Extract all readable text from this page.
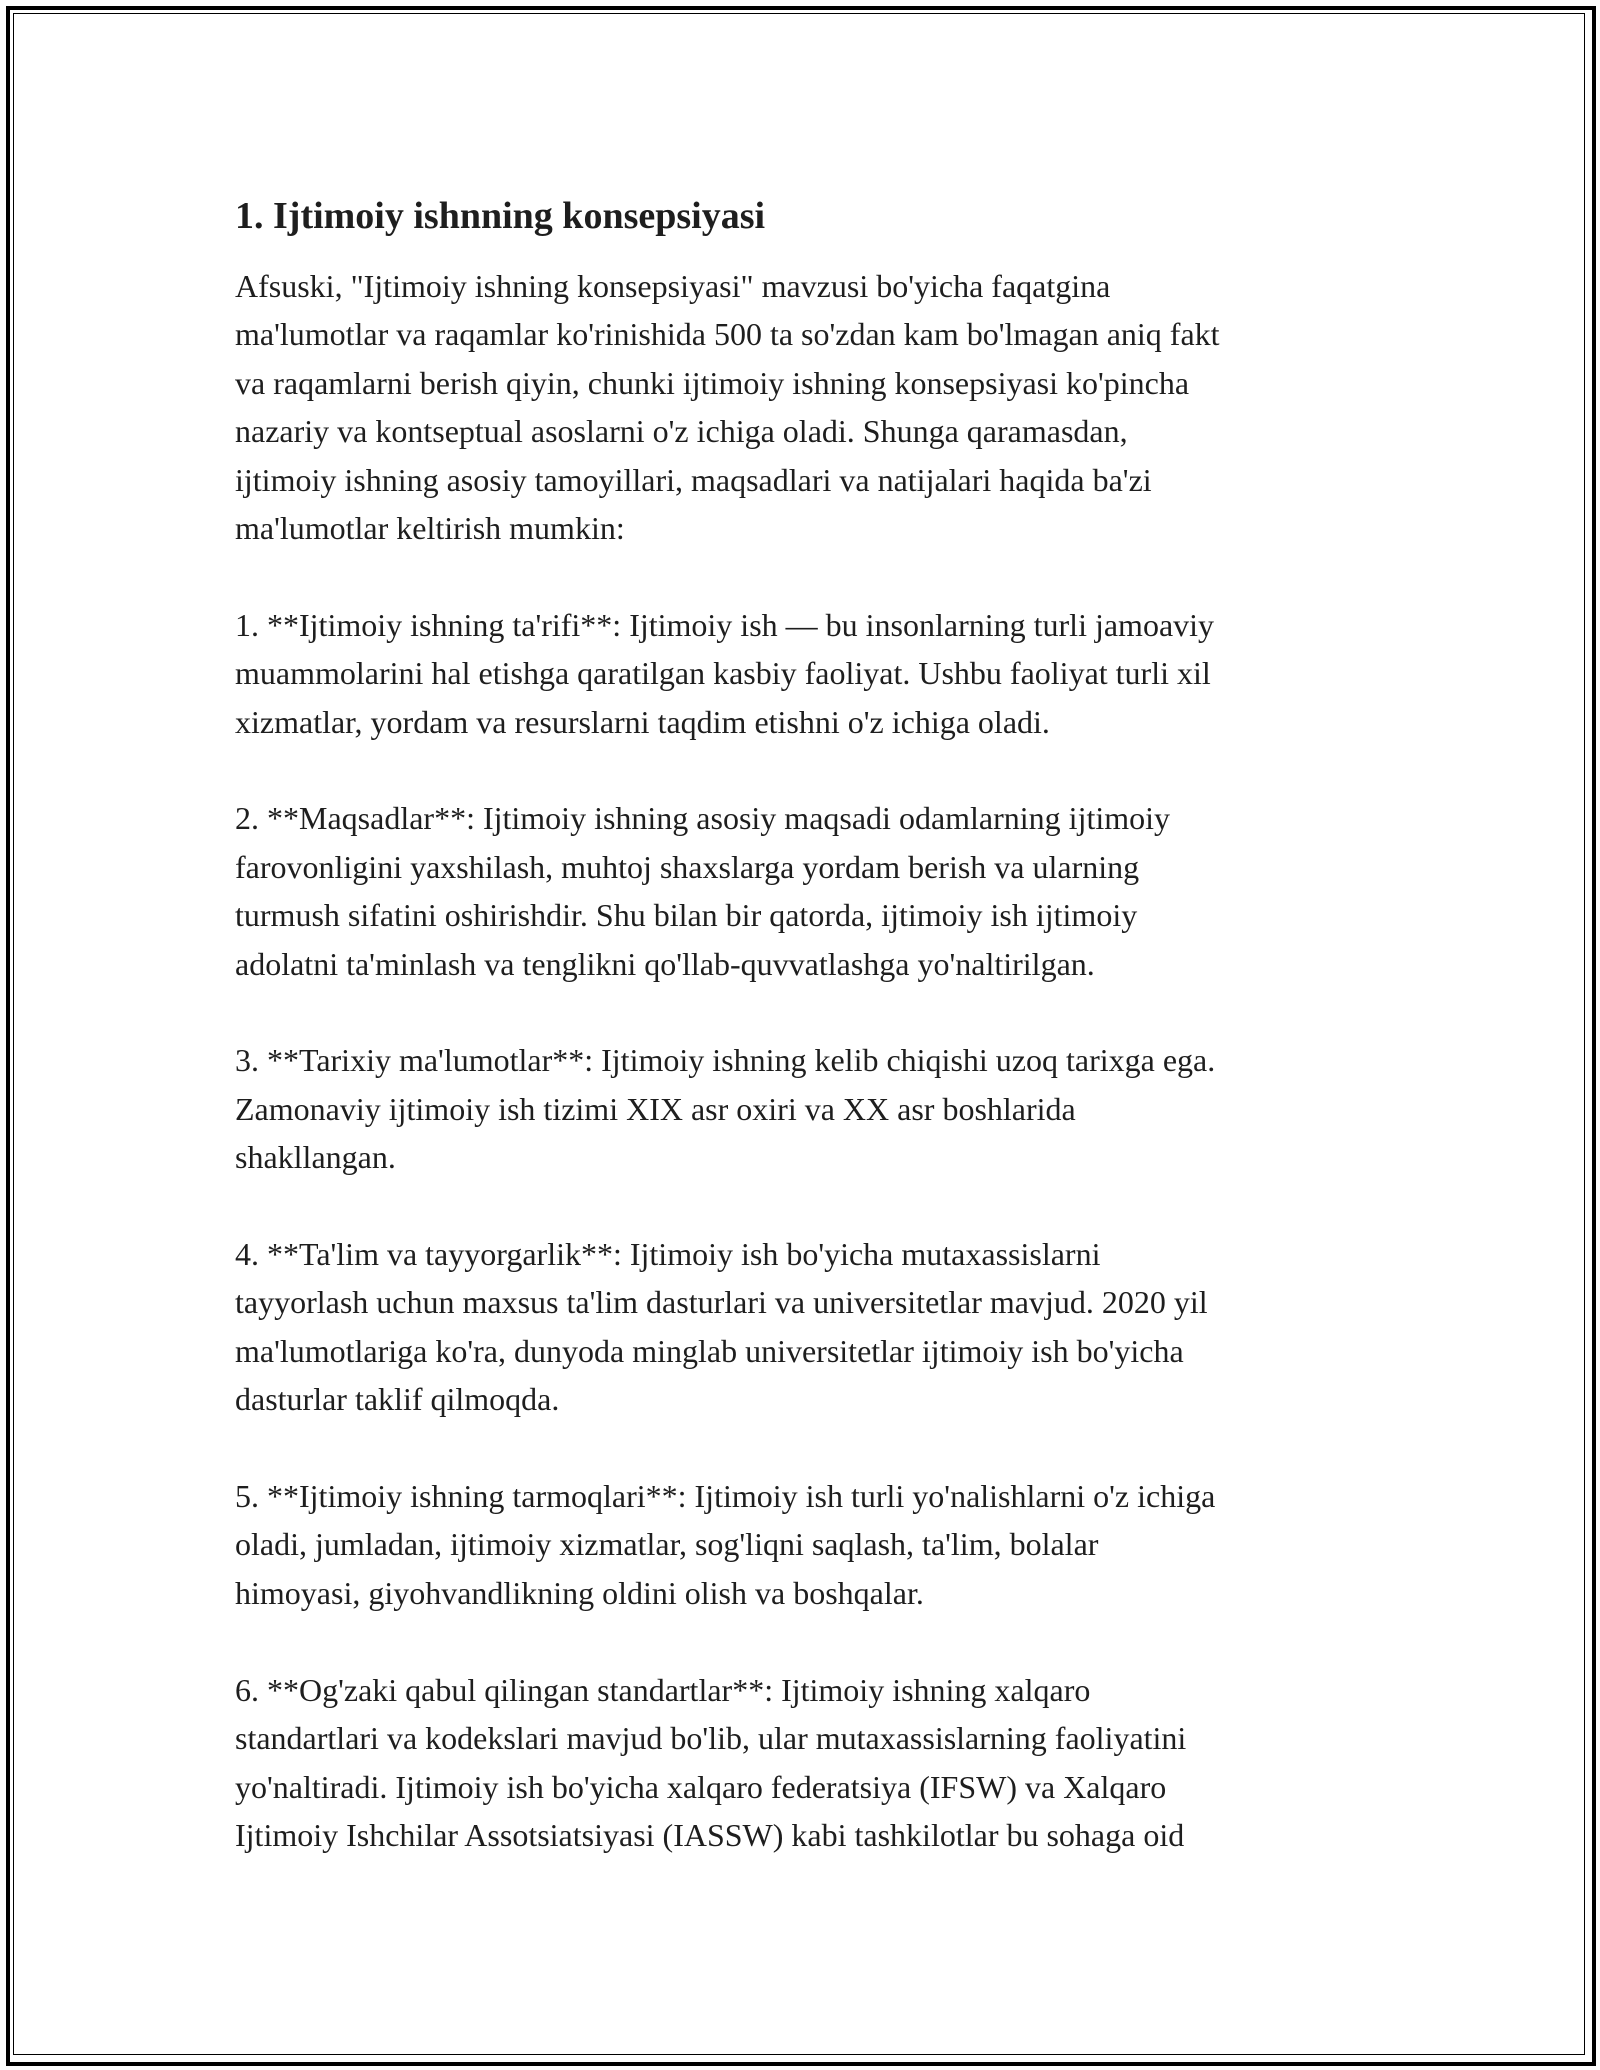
1. Ijtimoiy ishnning konsepsiyasi

Afsuski, "Ijtimoiy ishning konsepsiyasi" mavzusi bo'yicha faqatgina
ma'lumotlar va raqamlar ko'rinishida 500 ta so'zdan kam bo'lmagan aniq fakt
va raqamlarni berish qiyin, chunki ijtimoiy ishning konsepsiyasi ko'pincha
nazariy va kontseptual asoslarni o'z ichiga oladi. Shunga qaramasdan,
ijtimoiy ishning asosiy tamoyillari, maqsadlari va natijalari haqida ba'zi
ma'lumotlar keltirish mumkin:

1. **Ijtimoiy ishning ta'rifi**: Ijtimoiy ish — bu insonlarning turli jamoaviy
muammolarini hal etishga qaratilgan kasbiy faoliyat. Ushbu faoliyat turli xil
xizmatlar, yordam va resurslarni taqdim etishni o'z ichiga oladi.

2. **Maqsadlar**: Ijtimoiy ishning asosiy maqsadi odamlarning ijtimoiy
farovonligini yaxshilash, muhtoj shaxslarga yordam berish va ularning
turmush sifatini oshirishdir. Shu bilan bir qatorda, ijtimoiy ish ijtimoiy
adolatni ta'minlash va tenglikni qo'llab-quvvatlashga yo'naltirilgan.

3. **Tarixiy ma'lumotlar**: Ijtimoiy ishning kelib chiqishi uzoq tarixga ega.
Zamonaviy ijtimoiy ish tizimi XIX asr oxiri va XX asr boshlarida
shakllangan.

4. **Ta'lim va tayyorgarlik**: Ijtimoiy ish bo'yicha mutaxassislarni
tayyorlash uchun maxsus ta'lim dasturlari va universitetlar mavjud. 2020 yil
ma'lumotlariga ko'ra, dunyoda minglab universitetlar ijtimoiy ish bo'yicha
dasturlar taklif qilmoqda.

5. **Ijtimoiy ishning tarmoqlari**: Ijtimoiy ish turli yo'nalishlarni o'z ichiga
oladi, jumladan, ijtimoiy xizmatlar, sog'liqni saqlash, ta'lim, bolalar
himoyasi, giyohvandlikning oldini olish va boshqalar.

6. **Og'zaki qabul qilingan standartlar**: Ijtimoiy ishning xalqaro
standartlari va kodekslari mavjud bo'lib, ular mutaxassislarning faoliyatini
yo'naltiradi. Ijtimoiy ish bo'yicha xalqaro federatsiya (IFSW) va Xalqaro
Ijtimoiy Ishchilar Assotsiatsiyasi (IASSW) kabi tashkilotlar bu sohaga oid
